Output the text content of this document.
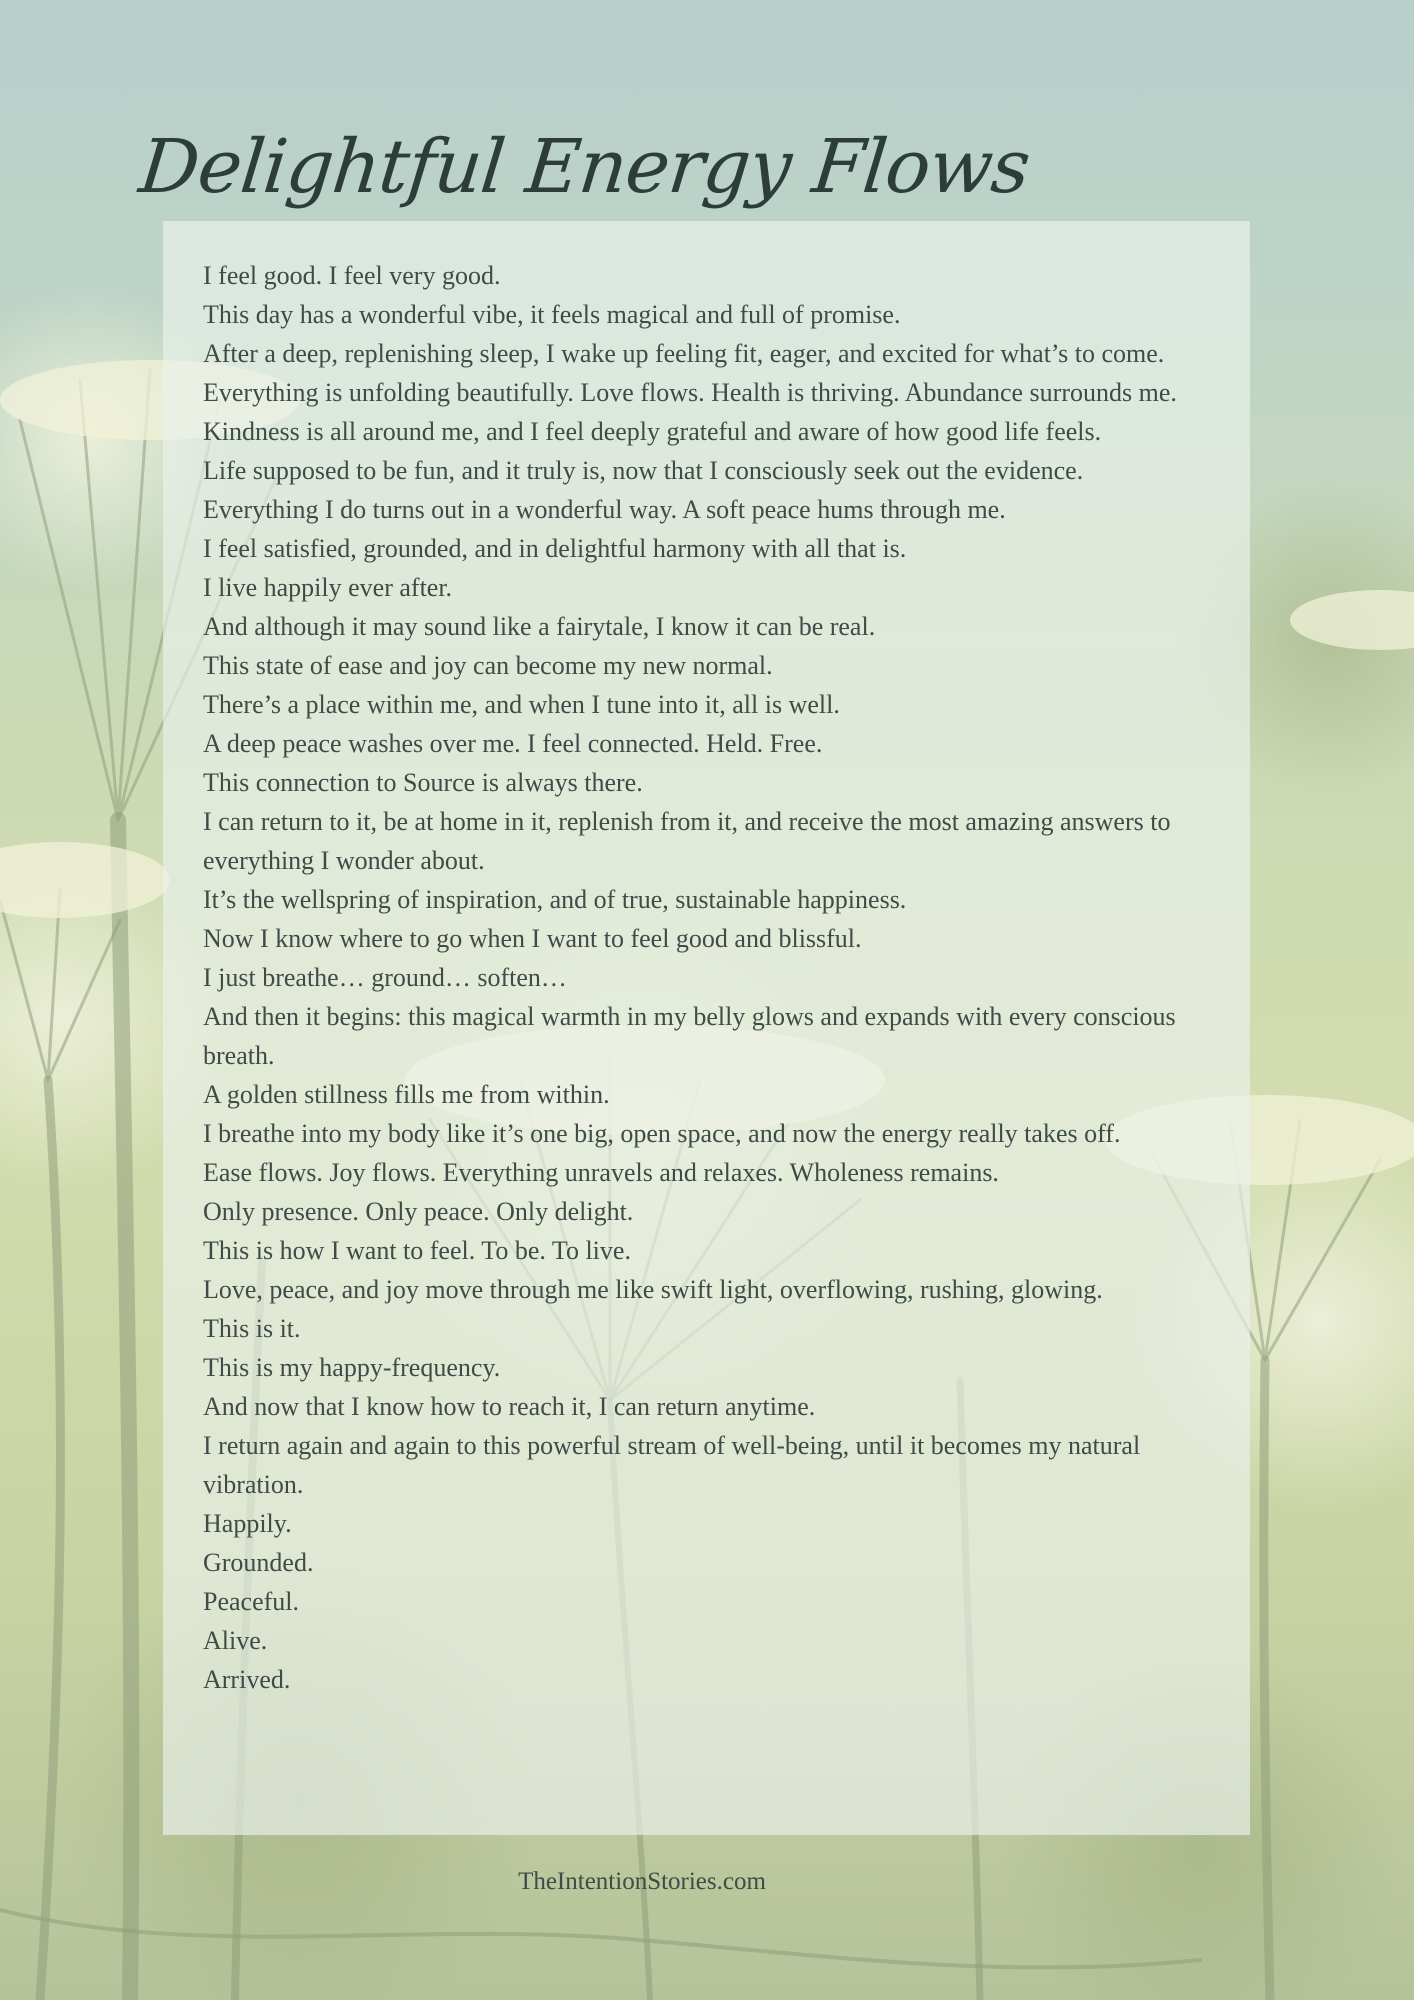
Delightful Energy Flows
I feel good. I feel very good.
This day has a wonderful vibe, it feels magical and full of promise.
After a deep, replenishing sleep, I wake up feeling fit, eager, and excited for what’s to come.
Everything is unfolding beautifully. Love flows. Health is thriving. Abundance surrounds me.
Kindness is all around me, and I feel deeply grateful and aware of how good life feels.
Life supposed to be fun, and it truly is, now that I consciously seek out the evidence.
Everything I do turns out in a wonderful way. A soft peace hums through me.
I feel satisfied, grounded, and in delightful harmony with all that is.
I live happily ever after.
And although it may sound like a fairytale, I know it can be real.
This state of ease and joy can become my new normal.
There’s a place within me, and when I tune into it, all is well.
A deep peace washes over me. I feel connected. Held. Free.
This connection to Source is always there.
I can return to it, be at home in it, replenish from it, and receive the most amazing answers to everything I wonder about.
It’s the wellspring of inspiration, and of true, sustainable happiness.
Now I know where to go when I want to feel good and blissful.
I just breathe… ground… soften…
And then it begins: this magical warmth in my belly glows and expands with every conscious breath.
A golden stillness fills me from within.
I breathe into my body like it’s one big, open space, and now the energy really takes off.
Ease flows. Joy flows. Everything unravels and relaxes. Wholeness remains.
Only presence. Only peace. Only delight.
This is how I want to feel. To be. To live.
Love, peace, and joy move through me like swift light, overflowing, rushing, glowing.
This is it.
This is my happy-frequency.
And now that I know how to reach it, I can return anytime.
I return again and again to this powerful stream of well-being, until it becomes my natural vibration.
Happily.
Grounded.
Peaceful.
Alive.
Arrived.
TheIntentionStories.com
